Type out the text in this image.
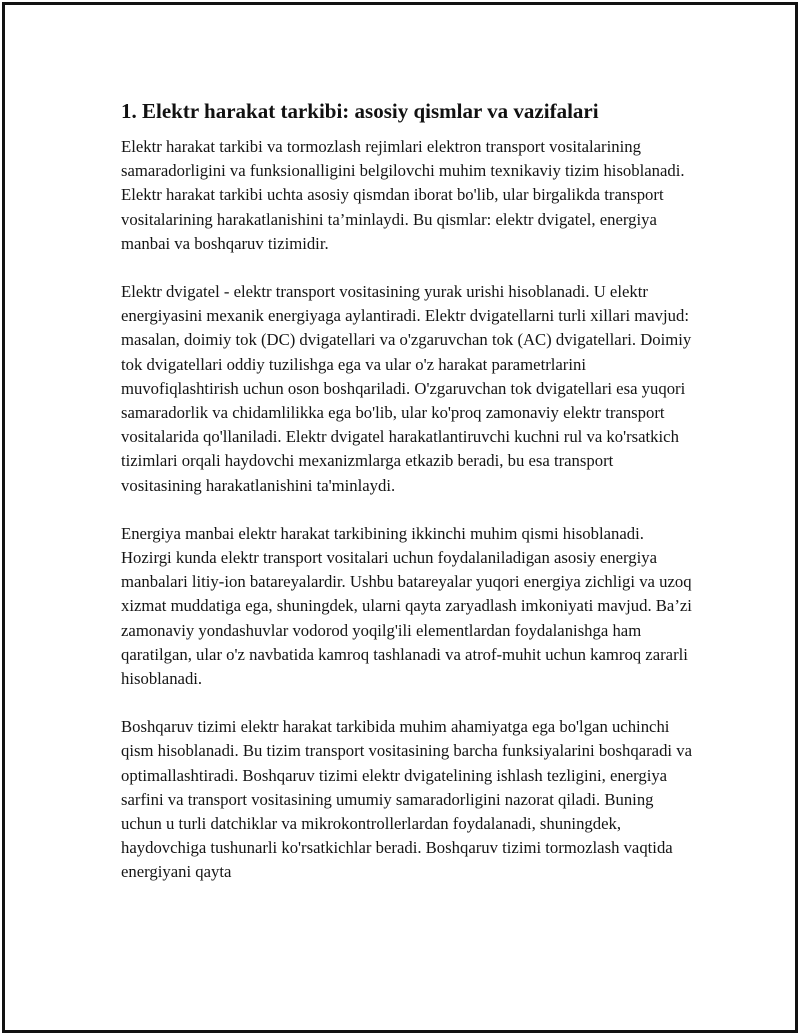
1. Elektr harakat tarkibi: asosiy qismlar va vazifalari

Elektr harakat tarkibi va tormozlash rejimlari elektron transport vositalarining samaradorligini va funksionalligini belgilovchi muhim texnikaviy tizim hisoblanadi. Elektr harakat tarkibi uchta asosiy qismdan iborat bo'lib, ular birgalikda transport vositalarining harakatlanishini ta’minlaydi. Bu qismlar: elektr dvigatel, energiya manbai va boshqaruv tizimidir.

Elektr dvigatel - elektr transport vositasining yurak urishi hisoblanadi. U elektr energiyasini mexanik energiyaga aylantiradi. Elektr dvigatellarni turli xillari mavjud: masalan, doimiy tok (DC) dvigatellari va o'zgaruvchan tok (AC) dvigatellari. Doimiy tok dvigatellari oddiy tuzilishga ega va ular o'z harakat parametrlarini muvofiqlashtirish uchun oson boshqariladi. O'zgaruvchan tok dvigatellari esa yuqori samaradorlik va chidamlilikka ega bo'lib, ular ko'proq zamonaviy elektr transport vositalarida qo'llaniladi. Elektr dvigatel harakatlantiruvchi kuchni rul va ko'rsatkich tizimlari orqali haydovchi mexanizmlarga etkazib beradi, bu esa transport vositasining harakatlanishini ta'minlaydi.

Energiya manbai elektr harakat tarkibining ikkinchi muhim qismi hisoblanadi. Hozirgi kunda elektr transport vositalari uchun foydalaniladigan asosiy energiya manbalari litiy-ion batareyalardir. Ushbu batareyalar yuqori energiya zichligi va uzoq xizmat muddatiga ega, shuningdek, ularni qayta zaryadlash imkoniyati mavjud. Ba’zi zamonaviy yondashuvlar vodorod yoqilg'ili elementlardan foydalanishga ham qaratilgan, ular o'z navbatida kamroq tashlanadi va atrof-muhit uchun kamroq zararli hisoblanadi.

Boshqaruv tizimi elektr harakat tarkibida muhim ahamiyatga ega bo'lgan uchinchi qism hisoblanadi. Bu tizim transport vositasining barcha funksiyalarini boshqaradi va optimallashtiradi. Boshqaruv tizimi elektr dvigatelining ishlash tezligini, energiya sarfini va transport vositasining umumiy samaradorligini nazorat qiladi. Buning uchun u turli datchiklar va mikrokontrollerlardan foydalanadi, shuningdek, haydovchiga tushunarli ko'rsatkichlar beradi. Boshqaruv tizimi tormozlash vaqtida energiyani qayta
